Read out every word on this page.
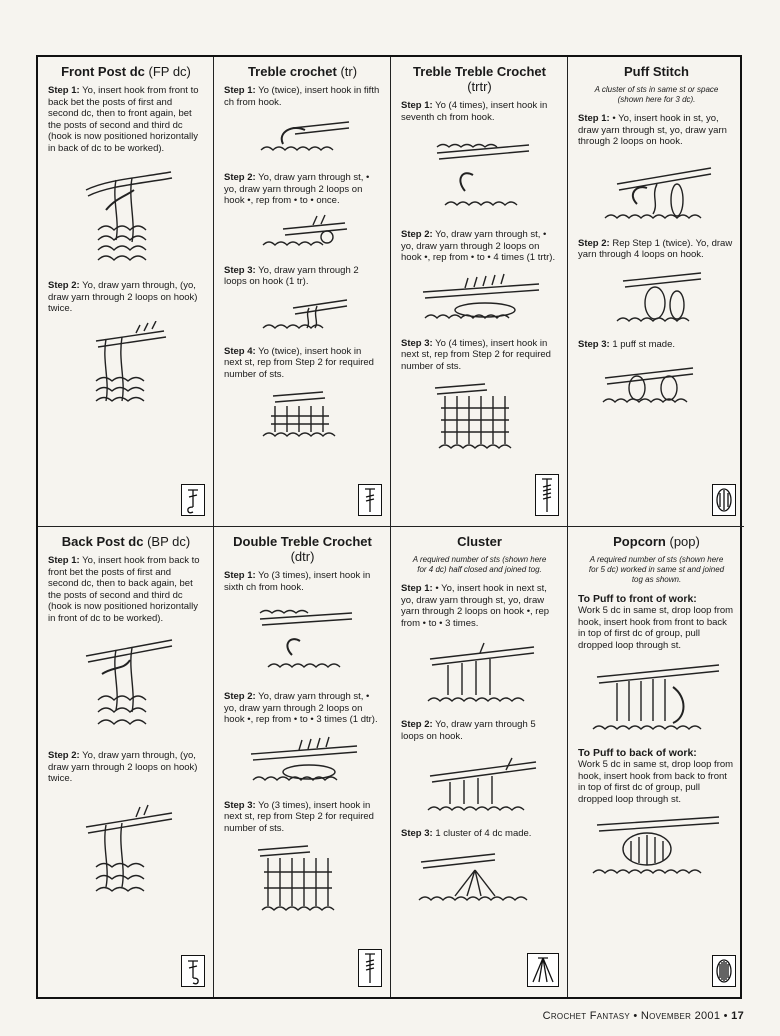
Front Post dc (FP dc)

Step 1: Yo, insert hook from front to back bet the posts of first and second dc, then to front again, bet the posts of second and third dc (hook is now positioned horizontally in back of dc to be worked).

Step 2: Yo, draw yarn through, (yo, draw yarn through 2 loops on hook) twice.

Treble crochet (tr)

Step 1: Yo (twice), insert hook in fifth ch from hook.

Step 2: Yo, draw yarn through st, • yo, draw yarn through 2 loops on hook •, rep from • to • once.

Step 3: Yo, draw yarn through 2 loops on hook (1 tr).

Step 4: Yo (twice), insert hook in next st, rep from Step 2 for required number of sts.

Treble Treble Crochet (trtr)

Step 1: Yo (4 times), insert hook in seventh ch from hook.

Step 2: Yo, draw yarn through st, • yo, draw yarn through 2 loops on hook •, rep from • to • 4 times (1 trtr).

Step 3: Yo (4 times), insert hook in next st, rep from Step 2 for required number of sts.

Puff Stitch

A cluster of sts in same st or space (shown here for 3 dc).

Step 1: • Yo, insert hook in st, yo, draw yarn through st, yo, draw yarn through 2 loops on hook.

Step 2: Rep Step 1 (twice). Yo, draw yarn through 4 loops on hook.

Step 3: 1 puff st made.

Back Post dc (BP dc)

Step 1: Yo, insert hook from back to front bet the posts of first and second dc, then to back again, bet the posts of second and third dc (hook is now positioned horizontally in front of dc to be worked).

Step 2: Yo, draw yarn through, (yo, draw yarn through 2 loops on hook) twice.

Double Treble Crochet (dtr)

Step 1: Yo (3 times), insert hook in sixth ch from hook.

Step 2: Yo, draw yarn through st, • yo, draw yarn through 2 loops on hook •, rep from • to • 3 times (1 dtr).

Step 3: Yo (3 times), insert hook in next st, rep from Step 2 for required number of sts.

Cluster

A required number of sts (shown here for 4 dc) half closed and joined tog.

Step 1: • Yo, insert hook in next st, yo, draw yarn through st, yo, draw yarn through 2 loops on hook •, rep from • to • 3 times.

Step 2: Yo, draw yarn through 5 loops on hook.

Step 3: 1 cluster of 4 dc made.

Popcorn (pop)

A required number of sts (shown here for 5 dc) worked in same st and joined tog as shown.

To Puff to front of work:

Work 5 dc in same st, drop loop from hook, insert hook from front to back in top of first dc of group, pull dropped loop through st.

To Puff to back of work:

Work 5 dc in same st, drop loop from hook, insert hook from back to front in top of first dc of group, pull dropped loop through st.

Crochet Fantasy • November 2001 • 17
